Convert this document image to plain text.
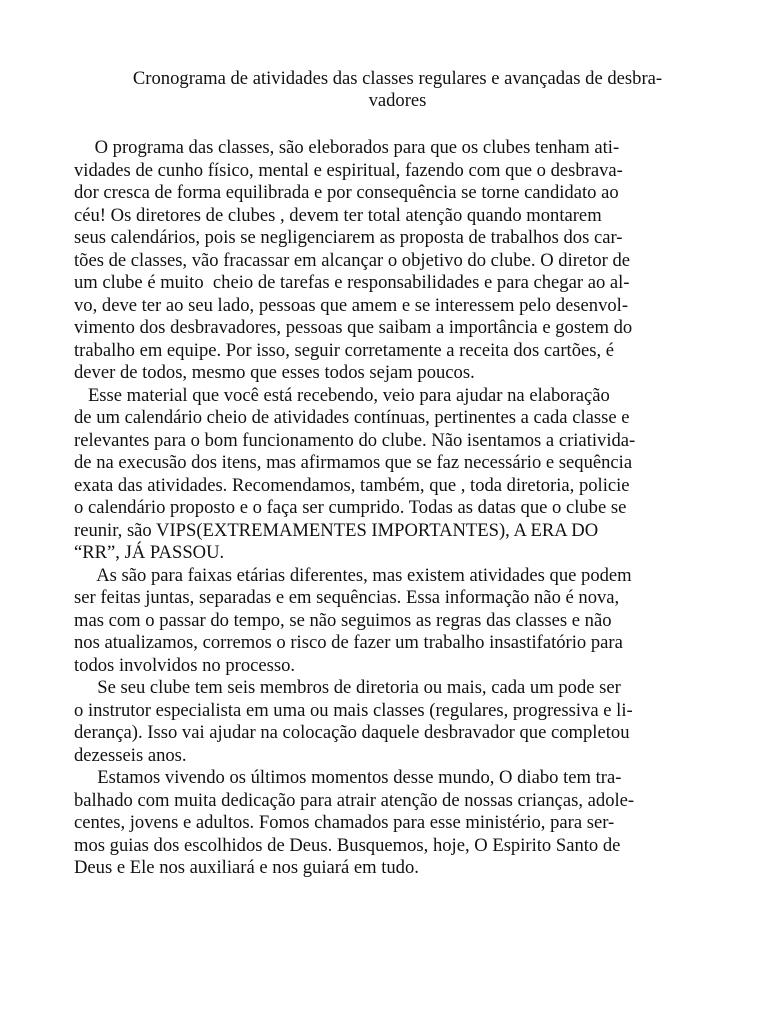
Cronograma de atividades das classes regulares e avançadas de desbra-
vadores
O programa das classes, são eleborados para que os clubes tenham ati-
vidades de cunho físico, mental e espiritual, fazendo com que o desbrava-
dor cresca de forma equilibrada e por consequência se torne candidato ao
céu! Os diretores de clubes , devem ter total atenção quando montarem
seus calendários, pois se negligenciarem as proposta de trabalhos dos car-
tões de classes, vão fracassar em alcançar o objetivo do clube. O diretor de
um clube é muito  cheio de tarefas e responsabilidades e para chegar ao al-
vo, deve ter ao seu lado, pessoas que amem e se interessem pelo desenvol-
vimento dos desbravadores, pessoas que saibam a importância e gostem do
trabalho em equipe. Por isso, seguir corretamente a receita dos cartões, é
dever de todos, mesmo que esses todos sejam poucos.
Esse material que você está recebendo, veio para ajudar na elaboração
de um calendário cheio de atividades contínuas, pertinentes a cada classe e
relevantes para o bom funcionamento do clube. Não isentamos a criativida-
de na execusão dos itens, mas afirmamos que se faz necessário e sequência
exata das atividades. Recomendamos, também, que , toda diretoria, policie
o calendário proposto e o faça ser cumprido. Todas as datas que o clube se
reunir, são VIPS(EXTREMAMENTES IMPORTANTES), A ERA DO
“RR”, JÁ PASSOU.
As são para faixas etárias diferentes, mas existem atividades que podem
ser feitas juntas, separadas e em sequências. Essa informação não é nova,
mas com o passar do tempo, se não seguimos as regras das classes e não
nos atualizamos, corremos o risco de fazer um trabalho insastifatório para
todos involvidos no processo.
Se seu clube tem seis membros de diretoria ou mais, cada um pode ser
o instrutor especialista em uma ou mais classes (regulares, progressiva e li-
derança). Isso vai ajudar na colocação daquele desbravador que completou
dezesseis anos.
Estamos vivendo os últimos momentos desse mundo, O diabo tem tra-
balhado com muita dedicação para atrair atenção de nossas crianças, adole-
centes, jovens e adultos. Fomos chamados para esse ministério, para ser-
mos guias dos escolhidos de Deus. Busquemos, hoje, O Espirito Santo de
Deus e Ele nos auxiliará e nos guiará em tudo.
